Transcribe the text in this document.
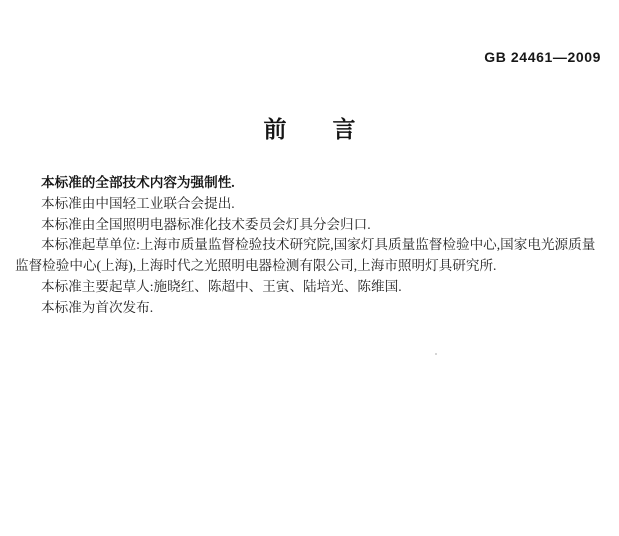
GB 24461—2009
前　　言
本标准的全部技术内容为强制性.
本标准由中国轻工业联合会提出.
本标准由全国照明电器标准化技术委员会灯具分会归口.
本标准起草单位:上海市质量监督检验技术研究院,国家灯具质量监督检验中心,国家电光源质量
监督检验中心(上海),上海时代之光照明电器检测有限公司,上海市照明灯具研究所.
本标准主要起草人:施晓红、陈超中、王寅、陆培光、陈维国.
本标准为首次发布.
